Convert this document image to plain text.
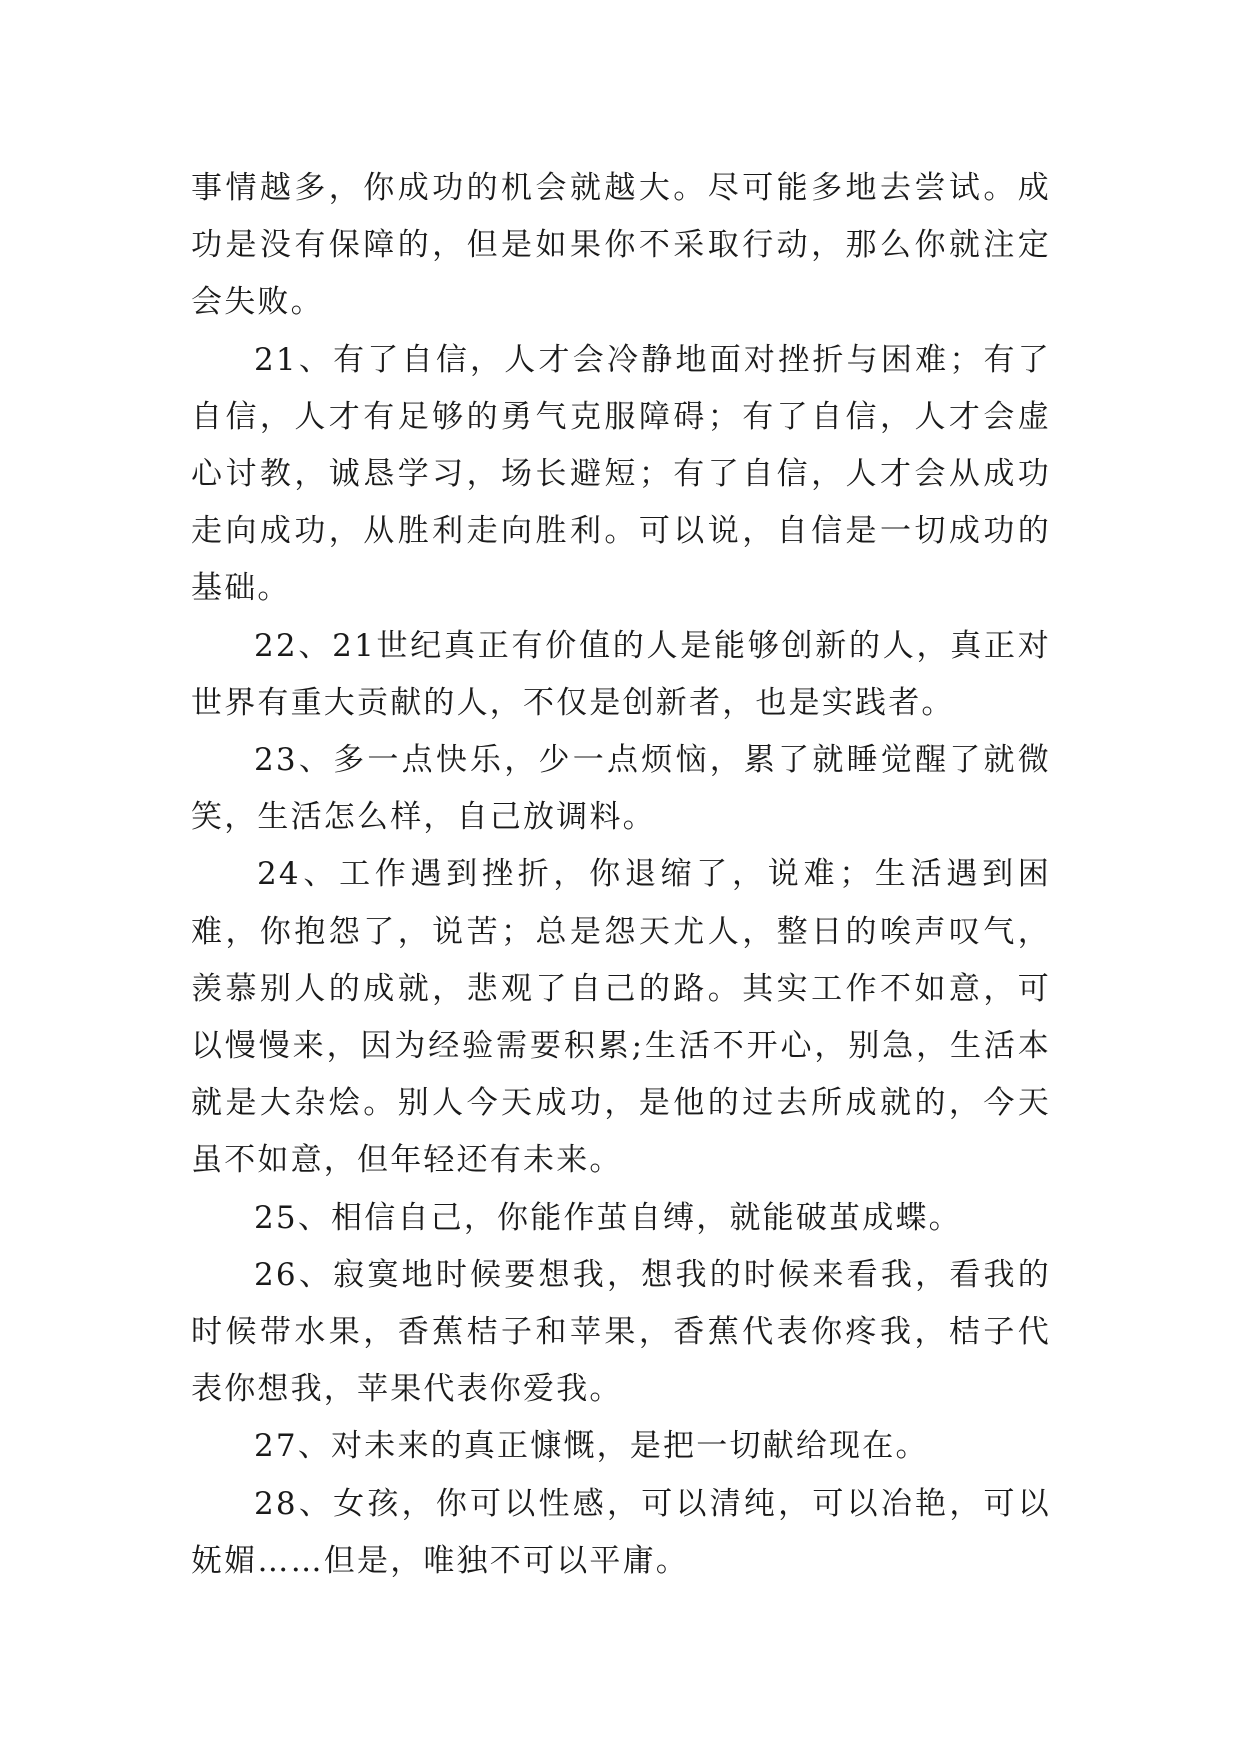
事情越多，你成功的机会就越大。尽可能多地去尝试。成功是没有保障的，但是如果你不采取行动，那么你就注定会失败。

21、有了自信，人才会冷静地面对挫折与困难；有了自信，人才有足够的勇气克服障碍；有了自信，人才会虚心讨教，诚恳学习，场长避短；有了自信，人才会从成功走向成功，从胜利走向胜利。可以说，自信是一切成功的基础。

22、21世纪真正有价值的人是能够创新的人，真正对世界有重大贡献的人，不仅是创新者，也是实践者。

23、多一点快乐，少一点烦恼，累了就睡觉醒了就微笑，生活怎么样，自己放调料。

24、工作遇到挫折，你退缩了，说难；生活遇到困难，你抱怨了，说苦；总是怨天尤人，整日的唉声叹气，羡慕别人的成就，悲观了自己的路。其实工作不如意，可以慢慢来，因为经验需要积累;生活不开心，别急，生活本就是大杂烩。别人今天成功，是他的过去所成就的，今天虽不如意，但年轻还有未来。

25、相信自己，你能作茧自缚，就能破茧成蝶。

26、寂寞地时候要想我，想我的时候来看我，看我的时候带水果，香蕉桔子和苹果，香蕉代表你疼我，桔子代表你想我，苹果代表你爱我。

27、对未来的真正慷慨，是把一切献给现在。

28、女孩，你可以性感，可以清纯，可以冶艳，可以妩媚……但是，唯独不可以平庸。
